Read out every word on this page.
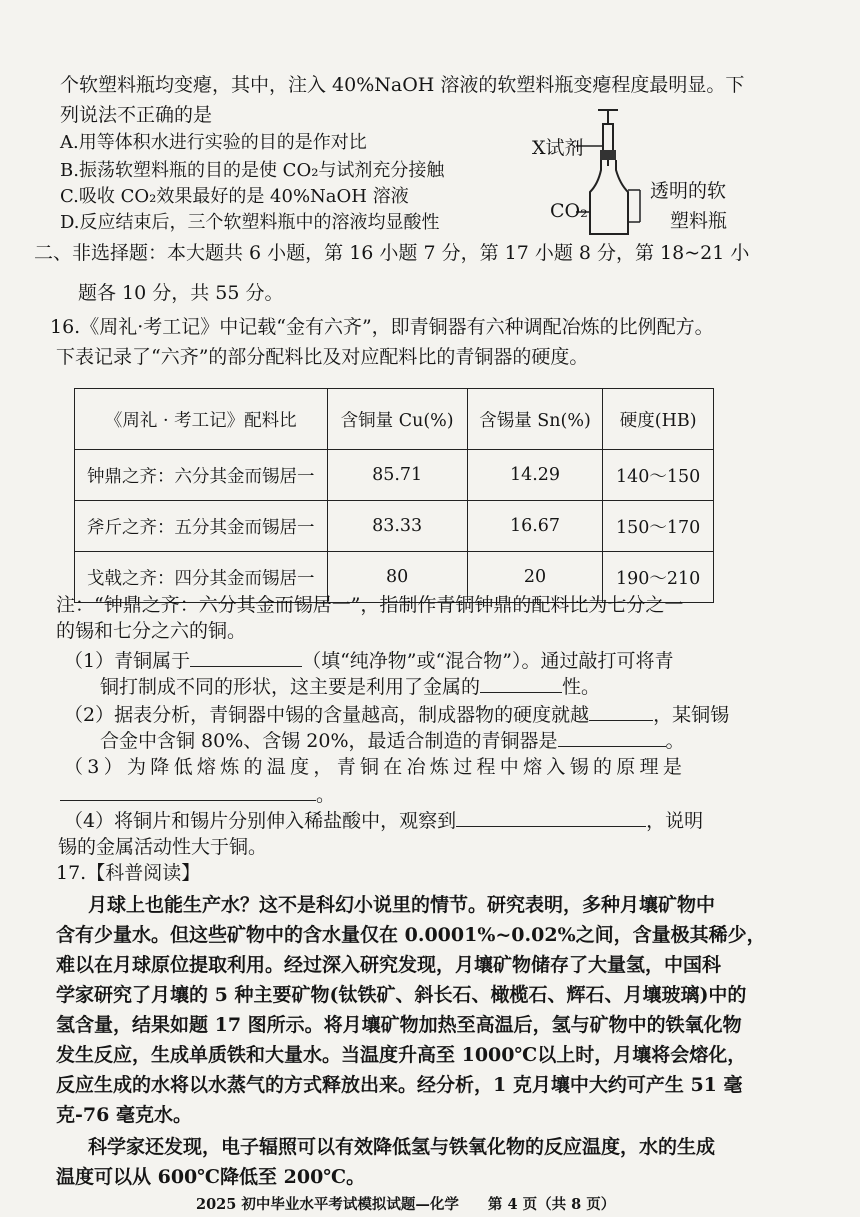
个软塑料瓶均变瘪，其中，注入 40%NaOH 溶液的软塑料瓶变瘪程度最明显。下
列说法不正确的是
A.用等体积水进行实验的目的是作对比
B.振荡软塑料瓶的目的是使 CO₂与试剂充分接触
C.吸收 CO₂效果最好的是 40%NaOH 溶液
D.反应结束后，三个软塑料瓶中的溶液均显酸性
X试剂
CO₂
透明的软
塑料瓶
二、非选择题：本大题共 6 小题，第 16 小题 7 分，第 17 小题 8 分，第 18~21 小
题各 10 分，共 55 分。
16.《周礼·考工记》中记载“金有六齐”，即青铜器有六种调配冶炼的比例配方。
下表记录了“六齐”的部分配料比及对应配料比的青铜器的硬度。
《周礼 · 考工记》配料比	含铜量 Cu(%)	含锡量 Sn(%)	硬度(HB)
钟鼎之齐：六分其金而锡居一	85.71	14.29	140～150
斧斤之齐：五分其金而锡居一	83.33	16.67	150～170
戈戟之齐：四分其金而锡居一	80	20	190～210
注：“钟鼎之齐：六分其金而锡居一”，指制作青铜钟鼎的配料比为七分之一
的锡和七分之六的铜。
（1）青铜属于	（填“纯净物”或“混合物”）。通过敲打可将青
铜打制成不同的形状，这主要是利用了金属的	性。
（2）据表分析，青铜器中锡的含量越高，制成器物的硬度就越	，某铜锡
合金中含铜 80%、含锡 20%，最适合制造的青铜器是	。
（3）为降低熔炼的温度，青铜在冶炼过程中熔入锡的原理是
。
（4）将铜片和锡片分别伸入稀盐酸中，观察到	，说明
锡的金属活动性大于铜。
17.【科普阅读】
月球上也能生产水？这不是科幻小说里的情节。研究表明，多种月壤矿物中
含有少量水。但这些矿物中的含水量仅在 0.0001%~0.02%之间，含量极其稀少，
难以在月球原位提取利用。经过深入研究发现，月壤矿物储存了大量氢，中国科
学家研究了月壤的 5 种主要矿物(钛铁矿、斜长石、橄榄石、辉石、月壤玻璃)中的
氢含量，结果如题 17 图所示。将月壤矿物加热至高温后，氢与矿物中的铁氧化物
发生反应，生成单质铁和大量水。当温度升高至 1000℃以上时，月壤将会熔化，
反应生成的水将以水蒸气的方式释放出来。经分析，1 克月壤中大约可产生 51 毫
克-76 毫克水。
科学家还发现，电子辐照可以有效降低氢与铁氧化物的反应温度，水的生成
温度可以从 600℃降低至 200℃。
2025 初中毕业水平考试模拟试题—化学　　第 4 页（共 8 页）
